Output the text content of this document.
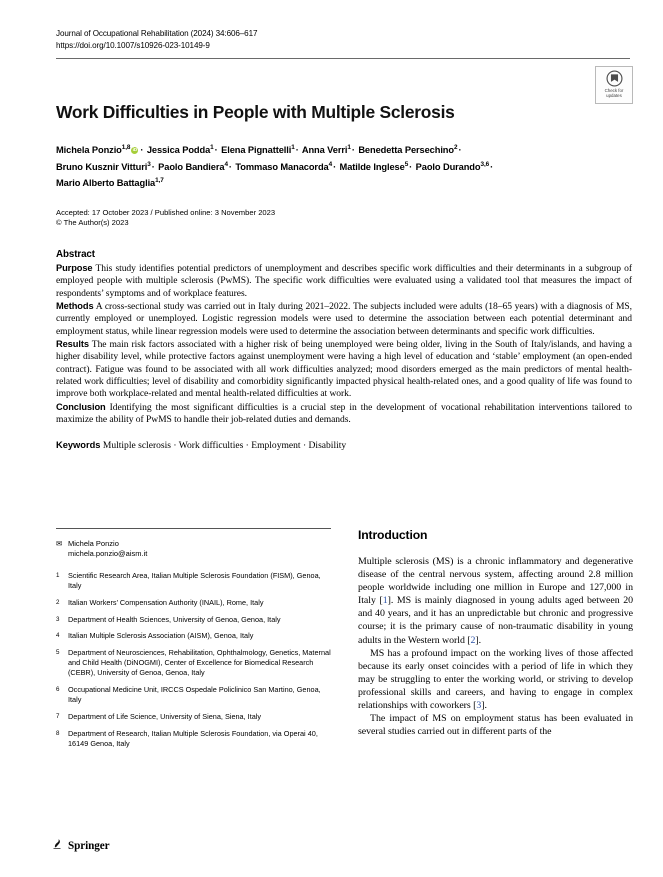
Journal of Occupational Rehabilitation (2024) 34:606–617
https://doi.org/10.1007/s10926-023-10149-9
Check for
updates
Work Difficulties in People with Multiple Sclerosis
Michela Ponzio$^{1,8}$ iD · Jessica Podda$^1$· Elena Pignattelli$^1$· Anna Verri$^1$· Benedetta Persechino$^2$·
Bruno Kusznir Vitturi$^3$· Paolo Bandiera$^4$· Tommaso Manacorda$^4$· Matilde Inglese$^5$· Paolo Durando$^{3,6}$·
Mario Alberto Battaglia$^{1,7}$
Accepted: 17 October 2023 / Published online: 3 November 2023
© The Author(s) 2023
Abstract

Purpose This study identifies potential predictors of unemployment and describes specific work difficulties and their determinants in a subgroup of employed people with multiple sclerosis (PwMS). The specific work difficulties were evaluated using a validated tool that measures the impact of respondents’ symptoms and of workplace features.

Methods A cross-sectional study was carried out in Italy during 2021–2022. The subjects included were adults (18–65 years) with a diagnosis of MS, currently employed or unemployed. Logistic regression models were used to determine the association between each potential determinant and employment status, while linear regression models were used to determine the association between determinants and specific work difficulties.

Results The main risk factors associated with a higher risk of being unemployed were being older, living in the South of Italy/islands, and having a higher disability level, while protective factors against unemployment were having a high level of education and ‘stable’ employment (an open-ended contract). Fatigue was found to be associated with all work difficulties analyzed; mood disorders emerged as the main predictors of mental health-related work difficulties; level of disability and comorbidity significantly impacted physical health-related ones, and a good quality of life was found to improve both workplace-related and mental health-related difficulties at work.

Conclusion Identifying the most significant difficulties is a crucial step in the development of vocational rehabilitation interventions tailored to maximize the ability of PwMS to handle their job-related duties and demands.

Keywords Multiple sclerosis · Work difficulties · Employment · Disability
✉ Michela Ponzio
michela.ponzio@aism.it
1	Scientific Research Area, Italian Multiple Sclerosis Foundation (FISM), Genoa, Italy
2	Italian Workers’ Compensation Authority (INAIL), Rome, Italy
3	Department of Health Sciences, University of Genoa, Genoa, Italy
4	Italian Multiple Sclerosis Association (AISM), Genoa, Italy
5	Department of Neurosciences, Rehabilitation, Ophthalmology, Genetics, Maternal and Child Health (DiNOGMI), Center of Excellence for Biomedical Research (CEBR), University of Genoa, Genoa, Italy
6	Occupational Medicine Unit, IRCCS Ospedale Policlinico San Martino, Genoa, Italy
7	Department of Life Science, University of Siena, Siena, Italy
8	Department of Research, Italian Multiple Sclerosis Foundation, via Operai 40, 16149 Genoa, Italy
Introduction

Multiple sclerosis (MS) is a chronic inflammatory and degenerative disease of the central nervous system, affecting around 2.8 million people worldwide including one million in Europe and 127,000 in Italy [1]. MS is mainly diagnosed in young adults aged between 20 and 40 years, and it has an unpredictable but chronic and progressive course; it is the primary cause of non-traumatic disability in young adults in the Western world [2].

MS has a profound impact on the working lives of those affected because its early onset coincides with a period of life in which they may be struggling to enter the working world, or striving to develop professional skills and careers, and having to engage in complex relationships with coworkers [3].

The impact of MS on employment status has been evaluated in several studies carried out in different parts of the

Springer
